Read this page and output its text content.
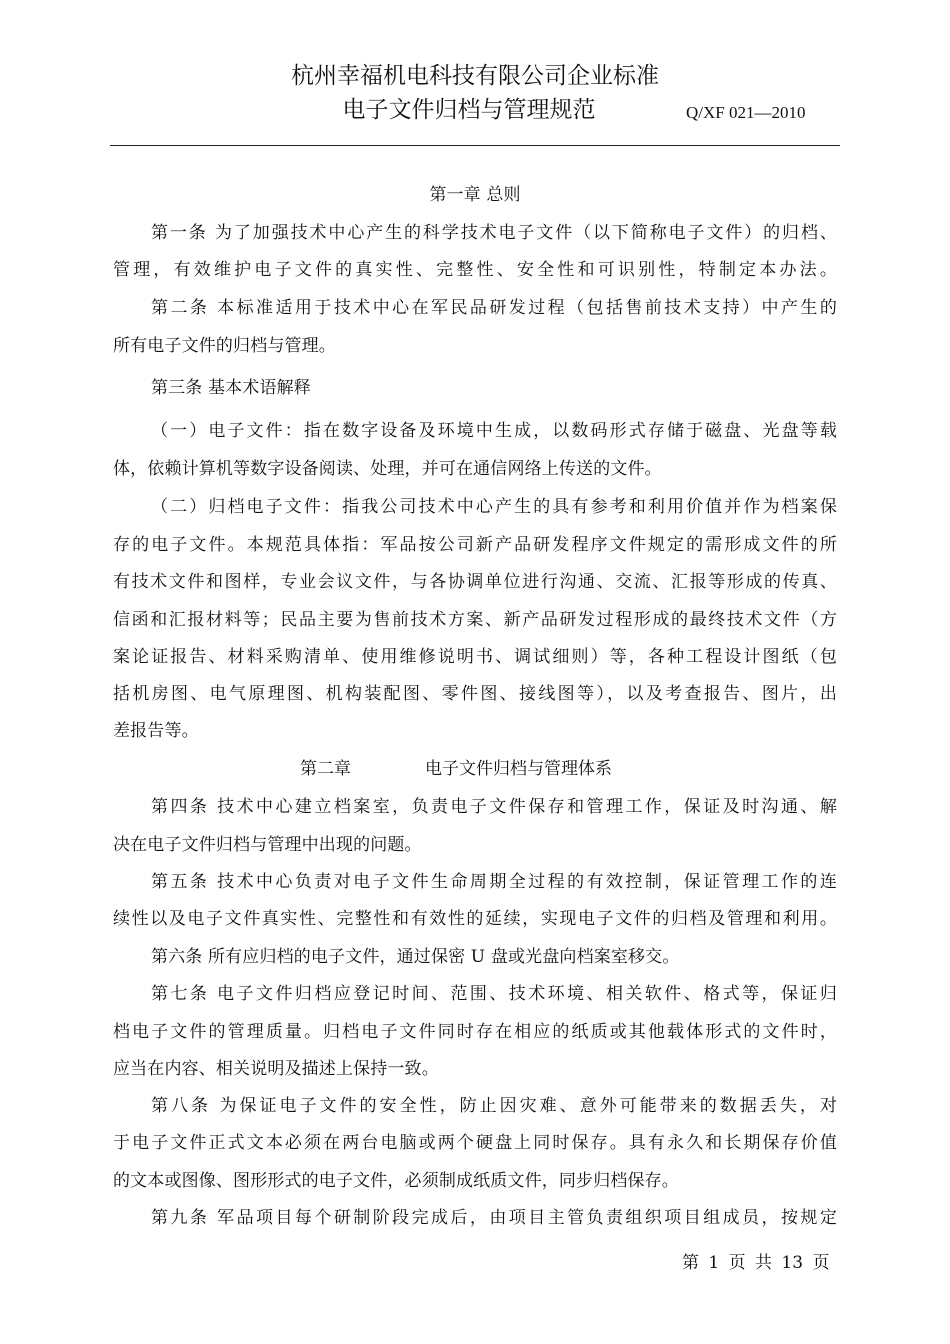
杭州幸福机电科技有限公司企业标准
电子文件归档与管理规范	Q/XF 021—2010
第一章 总则
第一条 为了加强技术中心产生的科学技术电子文件（以下简称电子文件）的归档、
管理，有效维护电子文件的真实性、完整性、安全性和可识别性，特制定本办法。
第二条 本标准适用于技术中心在军民品研发过程（包括售前技术支持）中产生的
所有电子文件的归档与管理。
第三条 基本术语解释
（一）电子文件：指在数字设备及环境中生成，以数码形式存储于磁盘、光盘等载
体，依赖计算机等数字设备阅读、处理，并可在通信网络上传送的文件。
（二）归档电子文件：指我公司技术中心产生的具有参考和利用价值并作为档案保
存的电子文件。本规范具体指：军品按公司新产品研发程序文件规定的需形成文件的所
有技术文件和图样，专业会议文件，与各协调单位进行沟通、交流、汇报等形成的传真、
信函和汇报材料等；民品主要为售前技术方案、新产品研发过程形成的最终技术文件（方
案论证报告、材料采购清单、使用维修说明书、调试细则）等，各种工程设计图纸（包
括机房图、电气原理图、机构装配图、零件图、接线图等），以及考查报告、图片，出
差报告等。
第二章	电子文件归档与管理体系
第四条 技术中心建立档案室，负责电子文件保存和管理工作，保证及时沟通、解
决在电子文件归档与管理中出现的问题。
第五条 技术中心负责对电子文件生命周期全过程的有效控制，保证管理工作的连
续性以及电子文件真实性、完整性和有效性的延续，实现电子文件的归档及管理和利用。
第六条 所有应归档的电子文件，通过保密 U 盘或光盘向档案室移交。
第七条 电子文件归档应登记时间、范围、技术环境、相关软件、格式等，保证归
档电子文件的管理质量。归档电子文件同时存在相应的纸质或其他载体形式的文件时，
应当在内容、相关说明及描述上保持一致。
第八条 为保证电子文件的安全性，防止因灾难、意外可能带来的数据丢失，对
于电子文件正式文本必须在两台电脑或两个硬盘上同时保存。具有永久和长期保存价值
的文本或图像、图形形式的电子文件，必须制成纸质文件，同步归档保存。
第九条 军品项目每个研制阶段完成后，由项目主管负责组织项目组成员，按规定
第 1 页 共 13 页
